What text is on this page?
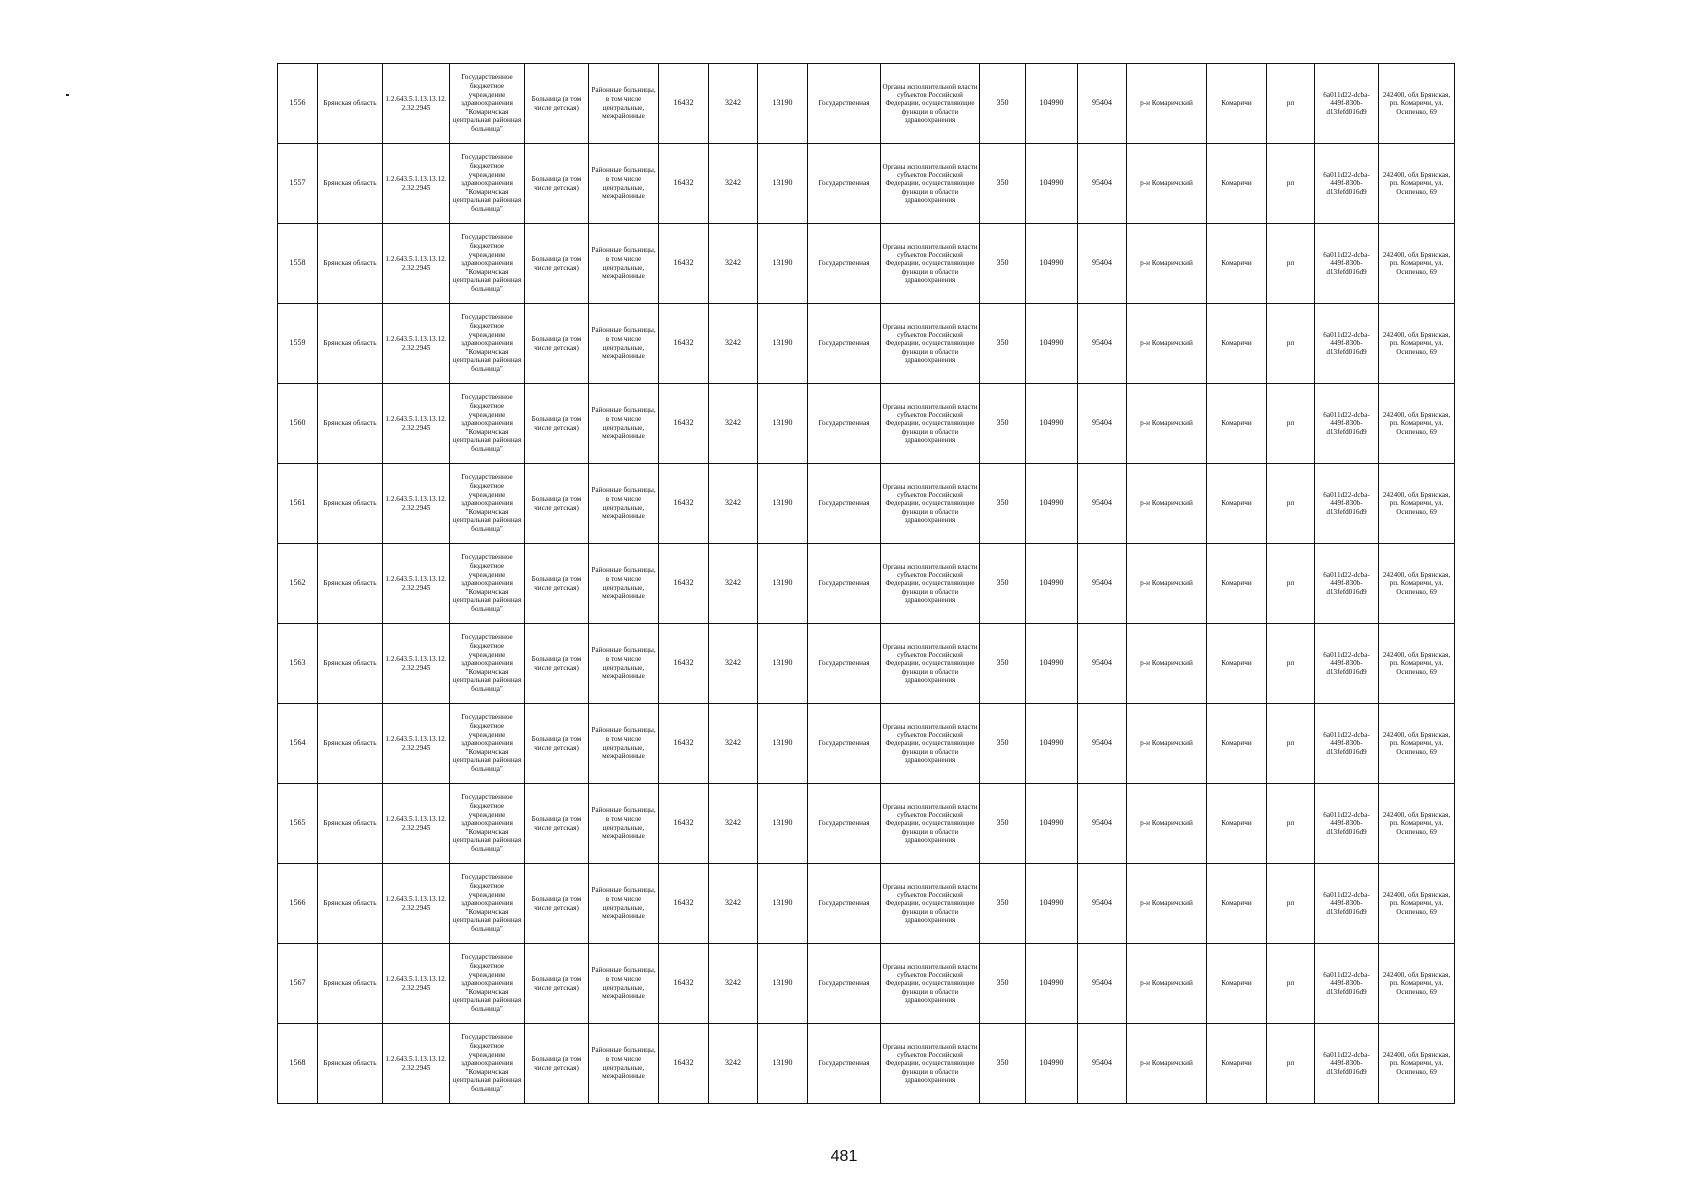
1556	Брянская область	1.2.643.5.1.13.13.12.2.32.2945	Государственное бюджетное учреждение здравоохранения "Комаричская центральная районная больница"	Больница (в том числе детская)	Районные больницы, в том числе центральные, межрайонные	16432	3242	13190	Государственная	Органы исполнительной власти субъектов Российской Федерации, осуществляющие функции в области здравоохранения	350	104990	95404	р-н Комаричский	Комаричи	рп	6a011d22-dcba-449f-830b-d13fefd016d9	242400, обл Брянская, рп. Комаричи, ул. Осипенко, 69
1557	Брянская область	1.2.643.5.1.13.13.12.2.32.2945	Государственное бюджетное учреждение здравоохранения "Комаричская центральная районная больница"	Больница (в том числе детская)	Районные больницы, в том числе центральные, межрайонные	16432	3242	13190	Государственная	Органы исполнительной власти субъектов Российской Федерации, осуществляющие функции в области здравоохранения	350	104990	95404	р-н Комаричский	Комаричи	рп	6a011d22-dcba-449f-830b-d13fefd016d9	242400, обл Брянская, рп. Комаричи, ул. Осипенко, 69
1558	Брянская область	1.2.643.5.1.13.13.12.2.32.2945	Государственное бюджетное учреждение здравоохранения "Комаричская центральная районная больница"	Больница (в том числе детская)	Районные больницы, в том числе центральные, межрайонные	16432	3242	13190	Государственная	Органы исполнительной власти субъектов Российской Федерации, осуществляющие функции в области здравоохранения	350	104990	95404	р-н Комаричский	Комаричи	рп	6a011d22-dcba-449f-830b-d13fefd016d9	242400, обл Брянская, рп. Комаричи, ул. Осипенко, 69
1559	Брянская область	1.2.643.5.1.13.13.12.2.32.2945	Государственное бюджетное учреждение здравоохранения "Комаричская центральная районная больница"	Больница (в том числе детская)	Районные больницы, в том числе центральные, межрайонные	16432	3242	13190	Государственная	Органы исполнительной власти субъектов Российской Федерации, осуществляющие функции в области здравоохранения	350	104990	95404	р-н Комаричский	Комаричи	рп	6a011d22-dcba-449f-830b-d13fefd016d9	242400, обл Брянская, рп. Комаричи, ул. Осипенко, 69
1560	Брянская область	1.2.643.5.1.13.13.12.2.32.2945	Государственное бюджетное учреждение здравоохранения "Комаричская центральная районная больница"	Больница (в том числе детская)	Районные больницы, в том числе центральные, межрайонные	16432	3242	13190	Государственная	Органы исполнительной власти субъектов Российской Федерации, осуществляющие функции в области здравоохранения	350	104990	95404	р-н Комаричский	Комаричи	рп	6a011d22-dcba-449f-830b-d13fefd016d9	242400, обл Брянская, рп. Комаричи, ул. Осипенко, 69
1561	Брянская область	1.2.643.5.1.13.13.12.2.32.2945	Государственное бюджетное учреждение здравоохранения "Комаричская центральная районная больница"	Больница (в том числе детская)	Районные больницы, в том числе центральные, межрайонные	16432	3242	13190	Государственная	Органы исполнительной власти субъектов Российской Федерации, осуществляющие функции в области здравоохранения	350	104990	95404	р-н Комаричский	Комаричи	рп	6a011d22-dcba-449f-830b-d13fefd016d9	242400, обл Брянская, рп. Комаричи, ул. Осипенко, 69
1562	Брянская область	1.2.643.5.1.13.13.12.2.32.2945	Государственное бюджетное учреждение здравоохранения "Комаричская центральная районная больница"	Больница (в том числе детская)	Районные больницы, в том числе центральные, межрайонные	16432	3242	13190	Государственная	Органы исполнительной власти субъектов Российской Федерации, осуществляющие функции в области здравоохранения	350	104990	95404	р-н Комаричский	Комаричи	рп	6a011d22-dcba-449f-830b-d13fefd016d9	242400, обл Брянская, рп. Комаричи, ул. Осипенко, 69
1563	Брянская область	1.2.643.5.1.13.13.12.2.32.2945	Государственное бюджетное учреждение здравоохранения "Комаричская центральная районная больница"	Больница (в том числе детская)	Районные больницы, в том числе центральные, межрайонные	16432	3242	13190	Государственная	Органы исполнительной власти субъектов Российской Федерации, осуществляющие функции в области здравоохранения	350	104990	95404	р-н Комаричский	Комаричи	рп	6a011d22-dcba-449f-830b-d13fefd016d9	242400, обл Брянская, рп. Комаричи, ул. Осипенко, 69
1564	Брянская область	1.2.643.5.1.13.13.12.2.32.2945	Государственное бюджетное учреждение здравоохранения "Комаричская центральная районная больница"	Больница (в том числе детская)	Районные больницы, в том числе центральные, межрайонные	16432	3242	13190	Государственная	Органы исполнительной власти субъектов Российской Федерации, осуществляющие функции в области здравоохранения	350	104990	95404	р-н Комаричский	Комаричи	рп	6a011d22-dcba-449f-830b-d13fefd016d9	242400, обл Брянская, рп. Комаричи, ул. Осипенко, 69
1565	Брянская область	1.2.643.5.1.13.13.12.2.32.2945	Государственное бюджетное учреждение здравоохранения "Комаричская центральная районная больница"	Больница (в том числе детская)	Районные больницы, в том числе центральные, межрайонные	16432	3242	13190	Государственная	Органы исполнительной власти субъектов Российской Федерации, осуществляющие функции в области здравоохранения	350	104990	95404	р-н Комаричский	Комаричи	рп	6a011d22-dcba-449f-830b-d13fefd016d9	242400, обл Брянская, рп. Комаричи, ул. Осипенко, 69
1566	Брянская область	1.2.643.5.1.13.13.12.2.32.2945	Государственное бюджетное учреждение здравоохранения "Комаричская центральная районная больница"	Больница (в том числе детская)	Районные больницы, в том числе центральные, межрайонные	16432	3242	13190	Государственная	Органы исполнительной власти субъектов Российской Федерации, осуществляющие функции в области здравоохранения	350	104990	95404	р-н Комаричский	Комаричи	рп	6a011d22-dcba-449f-830b-d13fefd016d9	242400, обл Брянская, рп. Комаричи, ул. Осипенко, 69
1567	Брянская область	1.2.643.5.1.13.13.12.2.32.2945	Государственное бюджетное учреждение здравоохранения "Комаричская центральная районная больница"	Больница (в том числе детская)	Районные больницы, в том числе центральные, межрайонные	16432	3242	13190	Государственная	Органы исполнительной власти субъектов Российской Федерации, осуществляющие функции в области здравоохранения	350	104990	95404	р-н Комаричский	Комаричи	рп	6a011d22-dcba-449f-830b-d13fefd016d9	242400, обл Брянская, рп. Комаричи, ул. Осипенко, 69
1568	Брянская область	1.2.643.5.1.13.13.12.2.32.2945	Государственное бюджетное учреждение здравоохранения "Комаричская центральная районная больница"	Больница (в том числе детская)	Районные больницы, в том числе центральные, межрайонные	16432	3242	13190	Государственная	Органы исполнительной власти субъектов Российской Федерации, осуществляющие функции в области здравоохранения	350	104990	95404	р-н Комаричский	Комаричи	рп	6a011d22-dcba-449f-830b-d13fefd016d9	242400, обл Брянская, рп. Комаричи, ул. Осипенко, 69
481
